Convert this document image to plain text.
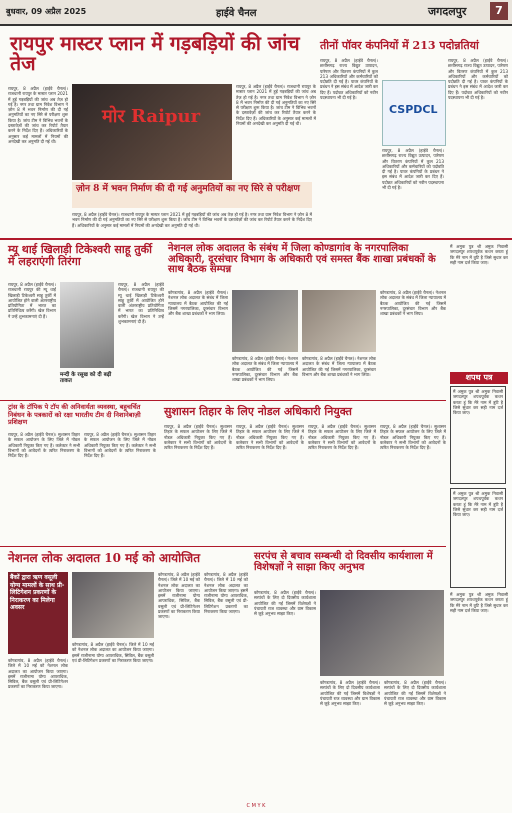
बुधवार, 09 अप्रैल 2025	हाईवे चैनल	जगदलपुर	7
रायपुर मास्टर प्लान में गड़बड़ियों की जांच तेज
रायपुर, 8 अप्रैल (हाईवे चैनल)। राजधानी रायपुर के मास्टर प्लान 2021 में हुई गड़बड़ियों की जांच अब तेज़ हो गई है। नगर तथा ग्राम निवेश विभाग ने ज़ोन 8 में भवन निर्माण की दी गई अनुमतियों का नए सिरे से परीक्षण शुरू किया है। जांच टीम ने विभिन्न भवनों के दस्तावेज़ों की जांच कर रिपोर्ट तैयार करने के निर्देश दिए हैं। अधिकारियों के अनुसार कई मामलों में नियमों की अनदेखी कर अनुमति दी गई थी।
मोर Raipur
रायपुर, 8 अप्रैल (हाईवे चैनल)। राजधानी रायपुर के मास्टर प्लान 2021 में हुई गड़बड़ियों की जांच अब तेज़ हो गई है। नगर तथा ग्राम निवेश विभाग ने ज़ोन 8 में भवन निर्माण की दी गई अनुमतियों का नए सिरे से परीक्षण शुरू किया है। जांच टीम ने विभिन्न भवनों के दस्तावेज़ों की जांच कर रिपोर्ट तैयार करने के निर्देश दिए हैं। अधिकारियों के अनुसार कई मामलों में नियमों की अनदेखी कर अनुमति दी गई थी।
ज़ोन 8 में भवन निर्माण की दी गई अनुमतियों का नए सिरे से परीक्षण
रायपुर, 8 अप्रैल (हाईवे चैनल)। राजधानी रायपुर के मास्टर प्लान 2021 में हुई गड़बड़ियों की जांच अब तेज़ हो गई है। नगर तथा ग्राम निवेश विभाग ने ज़ोन 8 में भवन निर्माण की दी गई अनुमतियों का नए सिरे से परीक्षण शुरू किया है। जांच टीम ने विभिन्न भवनों के दस्तावेज़ों की जांच कर रिपोर्ट तैयार करने के निर्देश दिए हैं। अधिकारियों के अनुसार कई मामलों में नियमों की अनदेखी कर अनुमति दी गई थी।
तीनों पॉवर कंपनियों में 213 पदोन्नतियां
रायपुर, 8 अप्रैल (हाईवे चैनल)। छत्तीसगढ़ राज्य विद्युत उत्पादन, पारेषण और वितरण कंपनियों में कुल 213 अधिकारियों और कर्मचारियों को पदोन्नति दी गई है। पावर कंपनियों के प्रबंधन ने इस संबंध में आदेश जारी कर दिए हैं। पदोन्नत अधिकारियों को नवीन पदस्थापना भी दी गई है।
CSPDCL
रायपुर, 8 अप्रैल (हाईवे चैनल)। छत्तीसगढ़ राज्य विद्युत उत्पादन, पारेषण और वितरण कंपनियों में कुल 213 अधिकारियों और कर्मचारियों को पदोन्नति दी गई है। पावर कंपनियों के प्रबंधन ने इस संबंध में आदेश जारी कर दिए हैं। पदोन्नत अधिकारियों को नवीन पदस्थापना भी दी गई है।
रायपुर, 8 अप्रैल (हाईवे चैनल)। छत्तीसगढ़ राज्य विद्युत उत्पादन, पारेषण और वितरण कंपनियों में कुल 213 अधिकारियों और कर्मचारियों को पदोन्नति दी गई है। पावर कंपनियों के प्रबंधन ने इस संबंध में आदेश जारी कर दिए हैं। पदोन्नत अधिकारियों को नवीन पदस्थापना भी दी गई है।
म्यू थाई खिलाड़ी टिकेश्वरी साहू तुर्की में लहराएंगी तिरंगा
रायपुर, 8 अप्रैल (हाईवे चैनल)। राजधानी रायपुर की म्यू थाई खिलाड़ी टिकेश्वरी साहू तुर्की में आयोजित होने वाली अंतरराष्ट्रीय प्रतियोगिता में भारत का प्रतिनिधित्व करेंगी। खेल विभाग ने उन्हें शुभकामनाएं दी हैं।
मन्दी के रसूख को दी बढ़ी ताकत
रायपुर, 8 अप्रैल (हाईवे चैनल)। राजधानी रायपुर की म्यू थाई खिलाड़ी टिकेश्वरी साहू तुर्की में आयोजित होने वाली अंतरराष्ट्रीय प्रतियोगिता में भारत का प्रतिनिधित्व करेंगी। खेल विभाग ने उन्हें शुभकामनाएं दी हैं।
नेशनल लोक अदालत के संबंध में जिला कोण्डागांव के नगरपालिका अधिकारी, दूरसंचार विभाग के अधिकारी एवं समस्त बैंक शाखा प्रबंधकों के साथ बैठक सम्पन्न
कोण्डागांव, 8 अप्रैल (हाईवे चैनल)। नेशनल लोक अदालत के संबंध में जिला न्यायालय में बैठक आयोजित की गई जिसमें नगरपालिका, दूरसंचार विभाग और बैंक शाखा प्रबंधकों ने भाग लिया।
कोण्डागांव, 8 अप्रैल (हाईवे चैनल)। नेशनल लोक अदालत के संबंध में जिला न्यायालय में बैठक आयोजित की गई जिसमें नगरपालिका, दूरसंचार विभाग और बैंक शाखा प्रबंधकों ने भाग लिया।
कोण्डागांव, 8 अप्रैल (हाईवे चैनल)। नेशनल लोक अदालत के संबंध में जिला न्यायालय में बैठक आयोजित की गई जिसमें नगरपालिका, दूरसंचार विभाग और बैंक शाखा प्रबंधकों ने भाग लिया।
कोण्डागांव, 8 अप्रैल (हाईवे चैनल)। नेशनल लोक अदालत के संबंध में जिला न्यायालय में बैठक आयोजित की गई जिसमें नगरपालिका, दूरसंचार विभाग और बैंक शाखा प्रबंधकों ने भाग लिया।
मैं अमुक पुत्र श्री अमुक निवासी जगदलपुर शपथपूर्वक कथन करता हूं कि मेरे नाम में त्रुटि है जिसे सुधार कर सही नाम दर्ज किया जाए।
शपथ पत्र
मैं अमुक पुत्र श्री अमुक निवासी जगदलपुर शपथपूर्वक कथन करता हूं कि मेरे नाम में त्रुटि है जिसे सुधार कर सही नाम दर्ज किया जाए।
मैं अमुक पुत्र श्री अमुक निवासी जगदलपुर शपथपूर्वक कथन करता हूं कि मेरे नाम में त्रुटि है जिसे सुधार कर सही नाम दर्ज किया जाए।
मैं अमुक पुत्र श्री अमुक निवासी जगदलपुर शपथपूर्वक कथन करता हूं कि मेरे नाम में त्रुटि है जिसे सुधार कर सही नाम दर्ज किया जाए।
ट्रांस के टॉपिक पे टॉप की अनिवार्यता व्यवस्था, बहुचर्चित निबंधन के पत्रकारों को रक्षा भारतीय टीम दी निशानेबाज़ी प्रशिक्षण
रायपुर, 8 अप्रैल (हाईवे चैनल)। सुशासन तिहार के सफल आयोजन के लिए जिले में नोडल अधिकारी नियुक्त किए गए हैं। कलेक्टर ने सभी विभागों को आवेदनों के त्वरित निराकरण के निर्देश दिए हैं।
रायपुर, 8 अप्रैल (हाईवे चैनल)। सुशासन तिहार के सफल आयोजन के लिए जिले में नोडल अधिकारी नियुक्त किए गए हैं। कलेक्टर ने सभी विभागों को आवेदनों के त्वरित निराकरण के निर्देश दिए हैं।
सुशासन तिहार के लिए नोडल अधिकारी नियुक्त
रायपुर, 8 अप्रैल (हाईवे चैनल)। सुशासन तिहार के सफल आयोजन के लिए जिले में नोडल अधिकारी नियुक्त किए गए हैं। कलेक्टर ने सभी विभागों को आवेदनों के त्वरित निराकरण के निर्देश दिए हैं।
रायपुर, 8 अप्रैल (हाईवे चैनल)। सुशासन तिहार के सफल आयोजन के लिए जिले में नोडल अधिकारी नियुक्त किए गए हैं। कलेक्टर ने सभी विभागों को आवेदनों के त्वरित निराकरण के निर्देश दिए हैं।
रायपुर, 8 अप्रैल (हाईवे चैनल)। सुशासन तिहार के सफल आयोजन के लिए जिले में नोडल अधिकारी नियुक्त किए गए हैं। कलेक्टर ने सभी विभागों को आवेदनों के त्वरित निराकरण के निर्देश दिए हैं।
रायपुर, 8 अप्रैल (हाईवे चैनल)। सुशासन तिहार के सफल आयोजन के लिए जिले में नोडल अधिकारी नियुक्त किए गए हैं। कलेक्टर ने सभी विभागों को आवेदनों के त्वरित निराकरण के निर्देश दिए हैं।
नेशनल लोक अदालत 10 मई को आयोजित
बैंकों द्वारा ऋण वसूली योग्य मामलों के साथ प्री-लिटिगेशन प्रकरणों के निराकरण का मिलेगा अवसर
कोण्डागांव, 8 अप्रैल (हाईवे चैनल)। जिले में 10 मई को नेशनल लोक अदालत का आयोजन किया जाएगा। इसमें राजीनामा योग्य आपराधिक, सिविल, बैंक वसूली एवं प्री-लिटिगेशन प्रकरणों का निराकरण किया जाएगा।
कोण्डागांव, 8 अप्रैल (हाईवे चैनल)। जिले में 10 मई को नेशनल लोक अदालत का आयोजन किया जाएगा। इसमें राजीनामा योग्य आपराधिक, सिविल, बैंक वसूली एवं प्री-लिटिगेशन प्रकरणों का निराकरण किया जाएगा।
कोण्डागांव, 8 अप्रैल (हाईवे चैनल)। जिले में 10 मई को नेशनल लोक अदालत का आयोजन किया जाएगा। इसमें राजीनामा योग्य आपराधिक, सिविल, बैंक वसूली एवं प्री-लिटिगेशन प्रकरणों का निराकरण किया जाएगा।
कोण्डागांव, 8 अप्रैल (हाईवे चैनल)। जिले में 10 मई को नेशनल लोक अदालत का आयोजन किया जाएगा। इसमें राजीनामा योग्य आपराधिक, सिविल, बैंक वसूली एवं प्री-लिटिगेशन प्रकरणों का निराकरण किया जाएगा।
सरपंच से बचाव सम्बन्धी दो दिवसीय कार्यशाला में विशेषज्ञों ने साझा किए अनुभव
कोण्डागांव, 8 अप्रैल (हाईवे चैनल)। सरपंचों के लिए दो दिवसीय कार्यशाला आयोजित की गई जिसमें विशेषज्ञों ने पंचायती राज व्यवस्था और ग्राम विकास से जुड़े अनुभव साझा किए।
कोण्डागांव, 8 अप्रैल (हाईवे चैनल)। सरपंचों के लिए दो दिवसीय कार्यशाला आयोजित की गई जिसमें विशेषज्ञों ने पंचायती राज व्यवस्था और ग्राम विकास से जुड़े अनुभव साझा किए।
कोण्डागांव, 8 अप्रैल (हाईवे चैनल)। सरपंचों के लिए दो दिवसीय कार्यशाला आयोजित की गई जिसमें विशेषज्ञों ने पंचायती राज व्यवस्था और ग्राम विकास से जुड़े अनुभव साझा किए।
C M Y K
